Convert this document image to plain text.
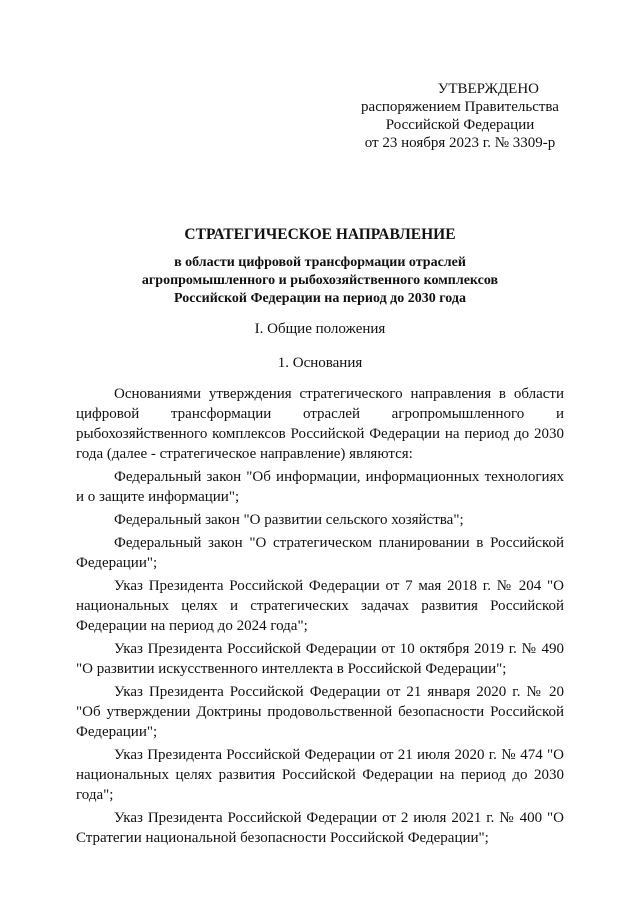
УТВЕРЖДЕНО
распоряжением Правительства
Российской Федерации
от 23 ноября 2023 г. № 3309-р
СТРАТЕГИЧЕСКОЕ НАПРАВЛЕНИЕ
в области цифровой трансформации отраслей
агропромышленного и рыбохозяйственного комплексов
Российской Федерации на период до 2030 года
I. Общие положения
1. Основания

Основаниями утверждения стратегического направления в области цифровой трансформации отраслей агропромышленного и рыбохозяйственного комплексов Российской Федерации на период до 2030 года (далее - стратегическое направление) являются:

Федеральный закон "Об информации, информационных технологиях и о защите информации";

Федеральный закон "О развитии сельского хозяйства";

Федеральный закон "О стратегическом планировании в Российской Федерации";

Указ Президента Российской Федерации от 7 мая 2018 г. № 204 "О национальных целях и стратегических задачах развития Российской Федерации на период до 2024 года";

Указ Президента Российской Федерации от 10 октября 2019 г. № 490 "О развитии искусственного интеллекта в Российской Федерации";

Указ Президента Российской Федерации от 21 января 2020 г. № 20 "Об утверждении Доктрины продовольственной безопасности Российской Федерации";

Указ Президента Российской Федерации от 21 июля 2020 г. № 474 "О национальных целях развития Российской Федерации на период до 2030 года";

Указ Президента Российской Федерации от 2 июля 2021 г. № 400 "О Стратегии национальной безопасности Российской Федерации";
